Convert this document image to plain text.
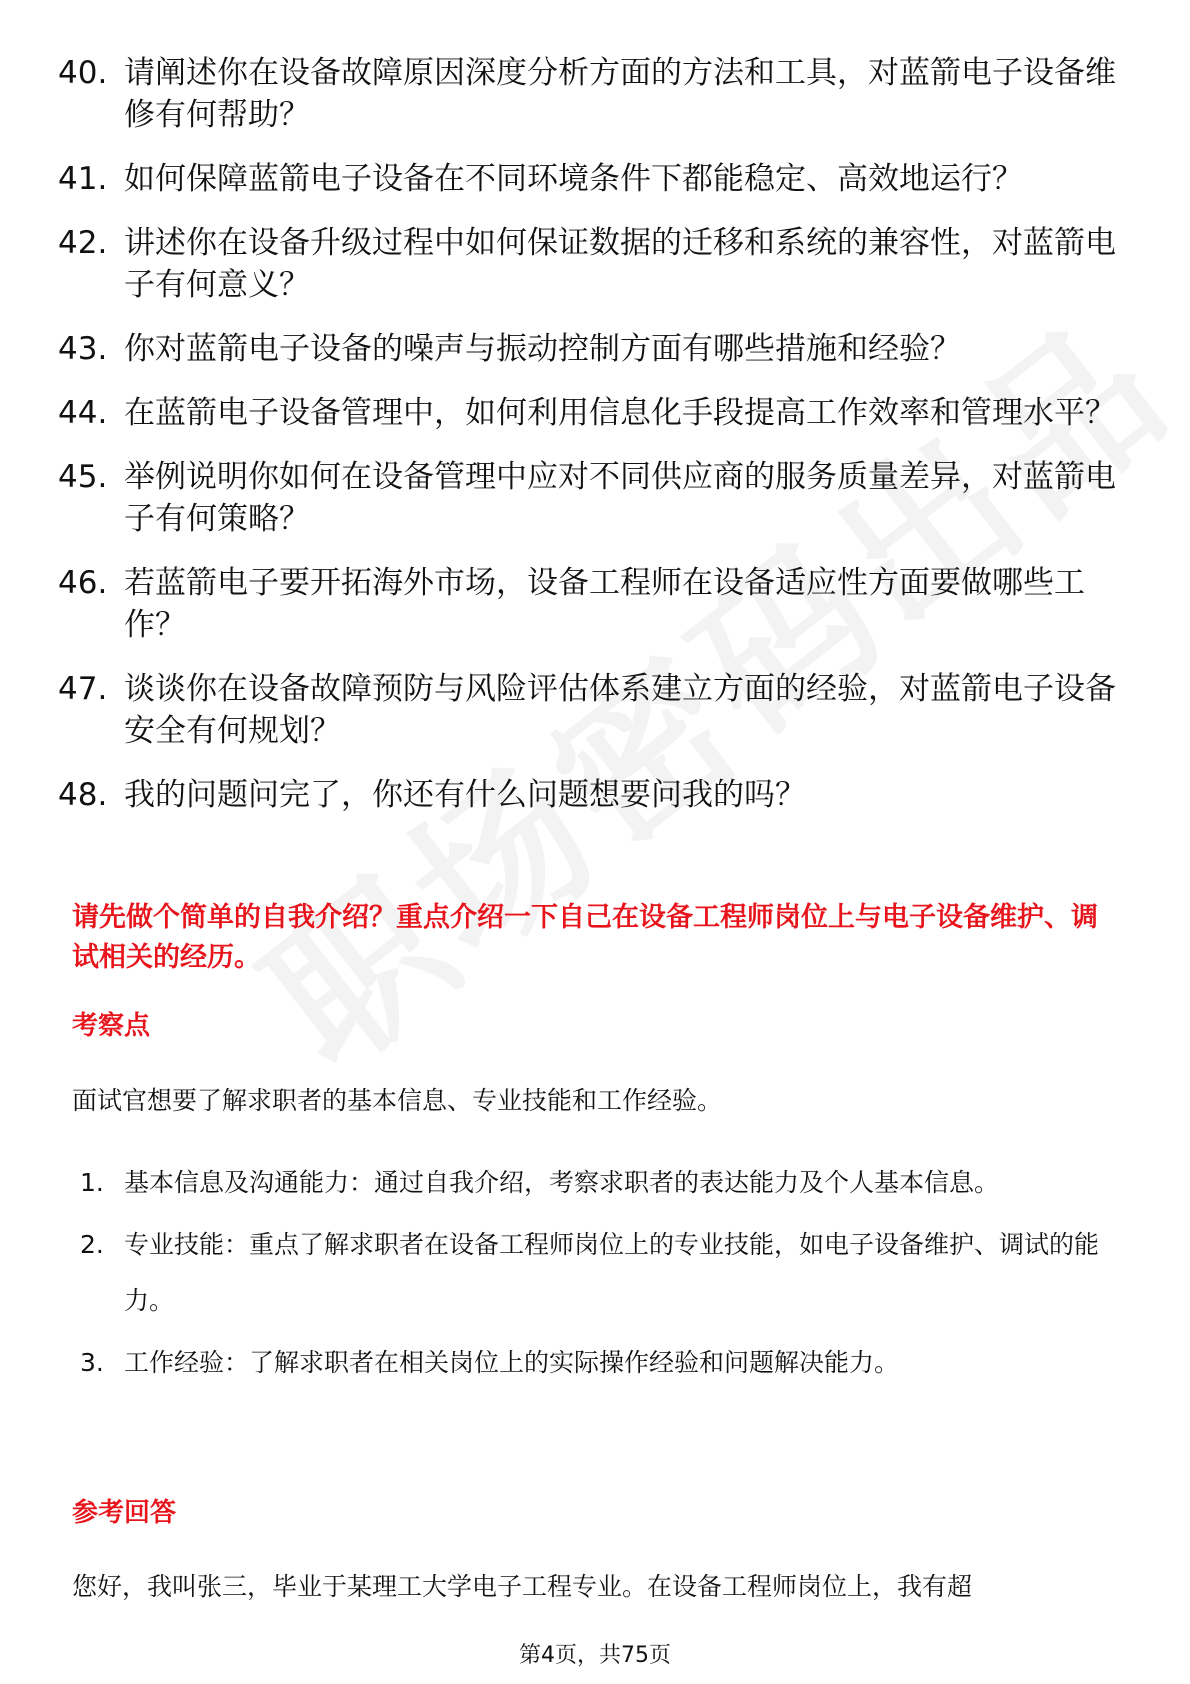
40. 请阐述你在设备故障原因深度分析方面的方法和工具，对蓝箭电子设备维修有何帮助？
41. 如何保障蓝箭电子设备在不同环境条件下都能稳定、高效地运行？
42. 讲述你在设备升级过程中如何保证数据的迁移和系统的兼容性，对蓝箭电子有何意义？
43. 你对蓝箭电子设备的噪声与振动控制方面有哪些措施和经验？
44. 在蓝箭电子设备管理中，如何利用信息化手段提高工作效率和管理水平？
45. 举例说明你如何在设备管理中应对不同供应商的服务质量差异，对蓝箭电子有何策略？
46. 若蓝箭电子要开拓海外市场，设备工程师在设备适应性方面要做哪些工作？
47. 谈谈你在设备故障预防与风险评估体系建立方面的经验，对蓝箭电子设备安全有何规划？
48. 我的问题问完了，你还有什么问题想要问我的吗？
请先做个简单的自我介绍？重点介绍一下自己在设备工程师岗位上与电子设备维护、调试相关的经历。
考察点
面试官想要了解求职者的基本信息、专业技能和工作经验。
1. 基本信息及沟通能力：通过自我介绍，考察求职者的表达能力及个人基本信息。
2. 专业技能：重点了解求职者在设备工程师岗位上的专业技能，如电子设备维护、调试的能力。
3. 工作经验：了解求职者在相关岗位上的实际操作经验和问题解决能力。
参考回答
您好，我叫张三，毕业于某理工大学电子工程专业。在设备工程师岗位上，我有超
第4页，共75页
